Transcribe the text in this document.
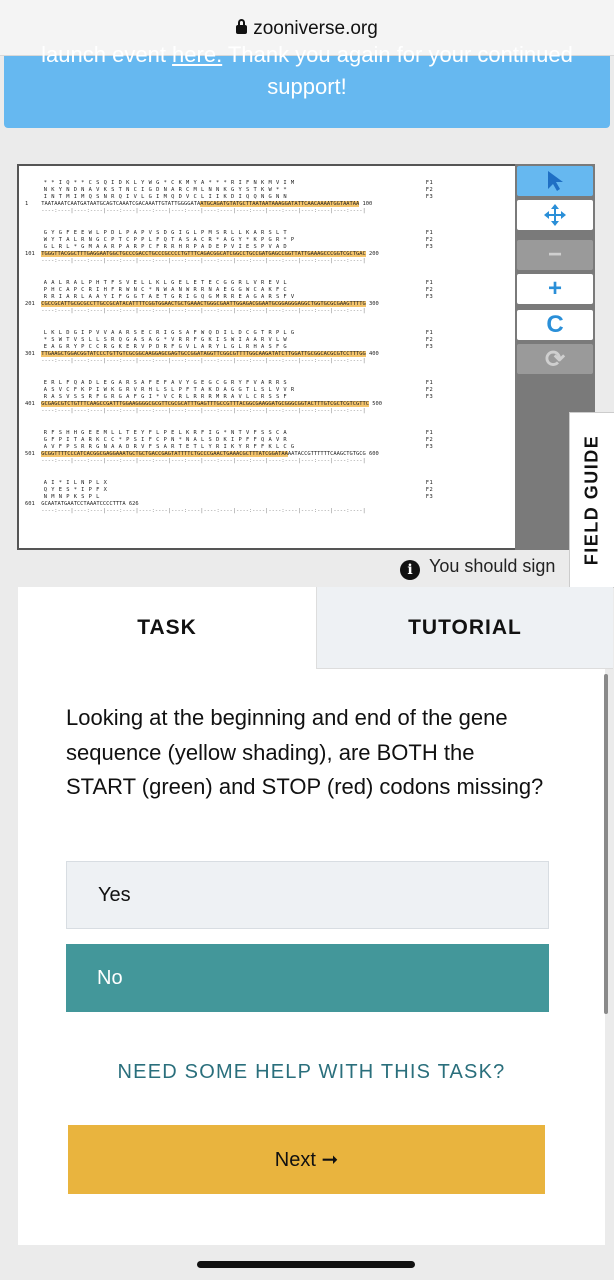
zooniverse.org
launch event here. Thank you again for your continued
support!
* * I Q * * C S Q I D K L Y W G * C K M Y A * * * R I F N K M V I M                                   F1
N K Y N D N A V K S T N C I G D N A R C M L N N K G Y S T K W * *                                     F2
I N T M I M Q S N R Q I V L G I M Q D V C L I I K D I Q Q N G N N                                     F3
1    TAATAAATCAATGATAATGCAGTCAAATCGACAAATTGTATTGGGGATAATGCAGATGTATGCTTAATAATAAAGGATATTCAACAAAATGGTAATAA 100
----:----|----:----|----:----|----:----|----:----|----:----|----:----|----:----|----:----|----:----|
G Y G F E E W L P D L P A P V S D G I G L P M S R L L K A R S L T                                     F1
W Y T A L R N G C P T C P P L F Q T A S A C R * A G Y * K P G R * P                                   F2
G L R L * G M A A R P A R P C F R R H R P A D E P V I E S P V A D                                     F3
101  TGGGTTACGGCTTTGAGGAATGGCTGCCCGACCTGCCCGCCCCTGTTTCAGACGGCATCGGCCTGCCGATGAGCCGGTTATTGAAAGCCCGGTCGCTGAC 200
----:----|----:----|----:----|----:----|----:----|----:----|----:----|----:----|----:----|----:----|
A A L R A L P H T F S V E L L K L G E L E T E C G G R L V R E V L                                     F1
P H C A P C R I H F R W N C * N W A N W R R N A E G G W C A K F C                                     F2
R R I A R L A A Y I F G G T A E T G R I G Q G M R R E A G A R S F V                                   F3
201  CGCCGCATTGCGCGCCTTGCCGCATACATTTTCGGTGGAACTGCTGAAACTGGGCGAATTGGAGACGGAATGCGGAGGGAGGCTGGTGCGCGAAGTTTTG 300
----:----|----:----|----:----|----:----|----:----|----:----|----:----|----:----|----:----|----:----|
L K L D G I P V V A A R S E C R I G S A F W Q D I L D C G T R P L G                                   F1
* S W T V S L L S R Q G A S A G * V R R F G K I S W I A A R V L W                                     F2
E A G R Y P C C R G K E R V P D R F G V L A R Y L G L R H A S F G                                     F3
301  TTGAAGCTGGACGGTATCCCTGTTGTCGCGGCAAGGAGCGAGTGCCGGATAGGTTCGGCGTTTTGGCAAGATATCTTGGATTGCGGCACGCGTCCTTTGG 400
----:----|----:----|----:----|----:----|----:----|----:----|----:----|----:----|----:----|----:----|
E R L F Q A D L E G A R S A F E F A V Y G E G C G R Y F V A R R S                                     F1
A S V C F K P I W K G R V R H L S L P F T A K D A G G T L S L V V R                                   F2
R A S V S S R F G R G A F G I * V C R L R R R M R A V L C R S S F                                     F3
401  GCGAGCGTCTGTTTCAAGCCGATTTGGAAGGGGCGCGTTCGCGCATTTGAGTTTGCCGTTTACGGCGAAGGATGCGGGCGGTACTTTGTCGCTCGTCGTTC 500
----:----|----:----|----:----|----:----|----:----|----:----|----:----|----:----|----:----|----:----|
R F S H H G E E M L L T E Y F L P E L K R F I G * N T V F S S C A                                     F1
G F P I T A R K C C * P S I F C P N * N A L S D K I P F F Q A V R                                     F2
A V F P S R R G N A A D R V F S A R T E T L Y R I K Y R F F K L C G                                   F3
501  GCGGTTTTCCCATCACGGCGAGGAAATGCTGCTGACCGAGTATTTTCTGCCCGAACTGAAACGCTTTATCGGATAAAATACCGTTTTTTCAAGCTGTGCG 600
----:----|----:----|----:----|----:----|----:----|----:----|----:----|----:----|----:----|----:----|
A I * I L N P L X                                                                                     F1
Q Y E S * I P F X                                                                                     F2
N M N P K S P L                                                                                       F3
601  GCAATATGAATCCTAAATCCCCTTTA 626
----:----|----:----|----:----|----:----|----:----|----:----|----:----|----:----|----:----|----:----|
−
+
C
⟳
FIELD GUIDE
i You should sign
TASK	TUTORIAL
Looking at the beginning and end of the gene sequence (yellow shading), are BOTH the START (green) and STOP (red) codons missing?
Yes
No
NEED SOME HELP WITH THIS TASK?
Next ➞
